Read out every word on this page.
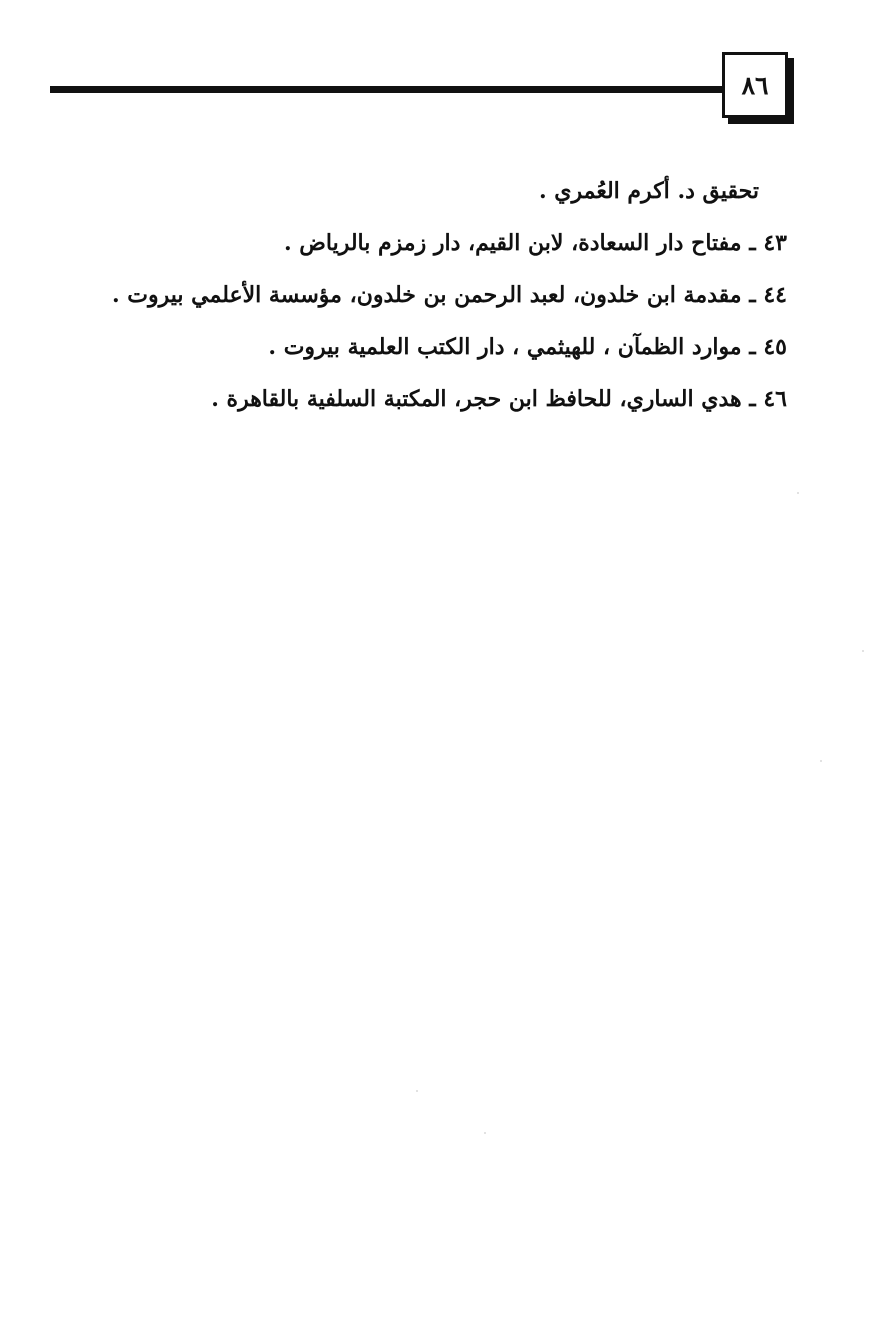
٨٦
تحقيق د. أكرم العُمري .
٤٣ ـ مفتاح دار السعادة، لابن القيم، دار زمزم بالرياض .
٤٤ ـ مقدمة ابن خلدون، لعبد الرحمن بن خلدون، مؤسسة الأعلمي بيروت .
٤٥ ـ موارد الظمآن ، للهيثمي ، دار الكتب العلمية بيروت .
٤٦ ـ هدي الساري، للحافظ ابن حجر، المكتبة السلفية بالقاهرة .
